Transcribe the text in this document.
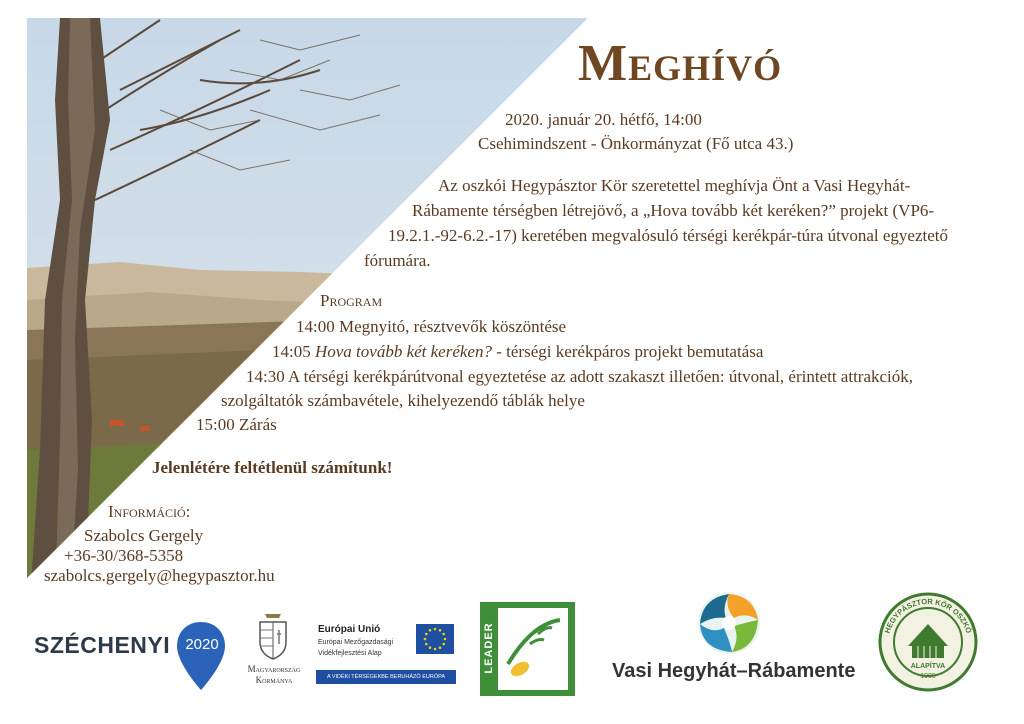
Meghívó
2020. január 20. hétfő, 14:00
Csehimindszent - Önkormányzat (Fő utca 43.)
Az oszkói Hegypásztor Kör szeretettel meghívja Önt a Vasi Hegyhát-
Rábamente térségben létrejövő, a „Hova tovább két keréken?” projekt (VP6-
19.2.1.-92-6.2.-17) keretében megvalósuló térségi kerékpár-túra útvonal egyeztető
fórumára.
Program
14:00 Megnyitó, résztvevők köszöntése
14:05 Hova tovább két keréken? - térségi kerékpáros projekt bemutatása
14:30 A térségi kerékpárútvonal egyeztetése az adott szakaszt illetően: útvonal, érintett attrakciók,
szolgáltatók számbavétele, kihelyezendő táblák helye
15:00 Zárás
Jelenlétére feltétlenül számítunk!
Információ:
Szabolcs Gergely
+36-30/368-5358
szabolcs.gergely@hegypasztor.hu
SZÉCHENYI 2020
Magyarország
Kormánya
Európai Unió
Európai Mezőgazdasági
Vidékfejlesztési Alap
A VIDÉKI TÉRSÉGEKBE BERUHÁZÓ EURÓPA
LEADER	Vasi Hegyhát–Rábamente
HEGYPÁSZTOR KÖR OSZKÓ
ALAPÍTVA
1985
